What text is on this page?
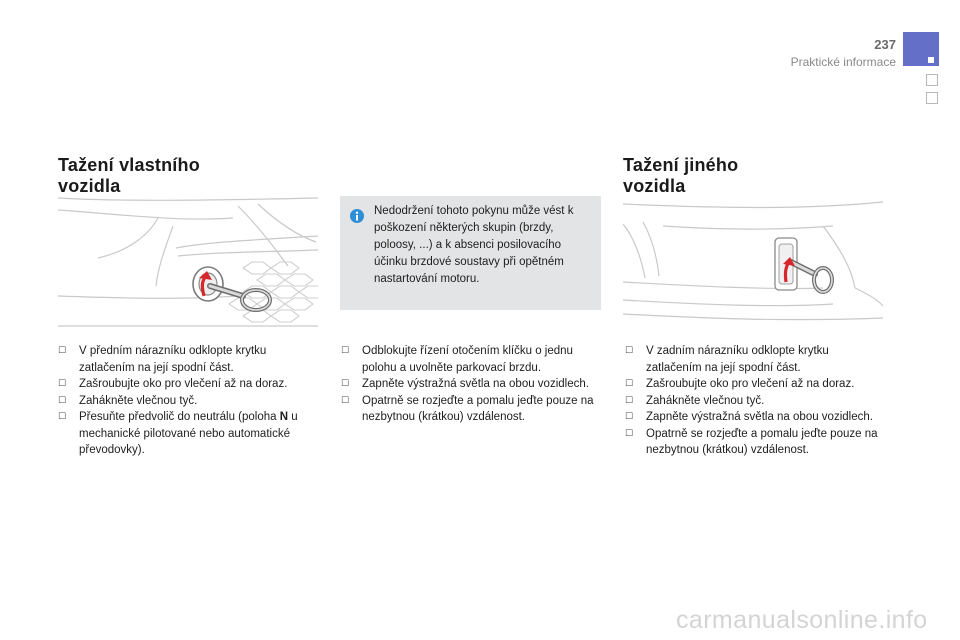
237
Praktické informace
Tažení vlastního
vozidla

Nedodržení tohoto pokynu může vést k poškození některých skupin (brzdy, poloosy, ...) a k absenci posilovacího účinku brzdové soustavy při opětném nastartování motoru.

Tažení jiného
vozidla
☐ V předním nárazníku odklopte krytku zatlačením na její spodní část.
☐ Zašroubujte oko pro vlečení až na doraz.
☐ Zahákněte vlečnou tyč.
☐ Přesuňte předvolič do neutrálu (poloha N u mechanické pilotované nebo automatické převodovky).
☐ Odblokujte řízení otočením klíčku o jednu polohu a uvolněte parkovací brzdu.
☐ Zapněte výstražná světla na obou vozidlech.
☐ Opatrně se rozjeďte a pomalu jeďte pouze na nezbytnou (krátkou) vzdálenost.
☐ V zadním nárazníku odklopte krytku zatlačením na její spodní část.
☐ Zašroubujte oko pro vlečení až na doraz.
☐ Zahákněte vlečnou tyč.
☐ Zapněte výstražná světla na obou vozidlech.
☐ Opatrně se rozjeďte a pomalu jeďte pouze na nezbytnou (krátkou) vzdálenost.
carmanualsonline.info
